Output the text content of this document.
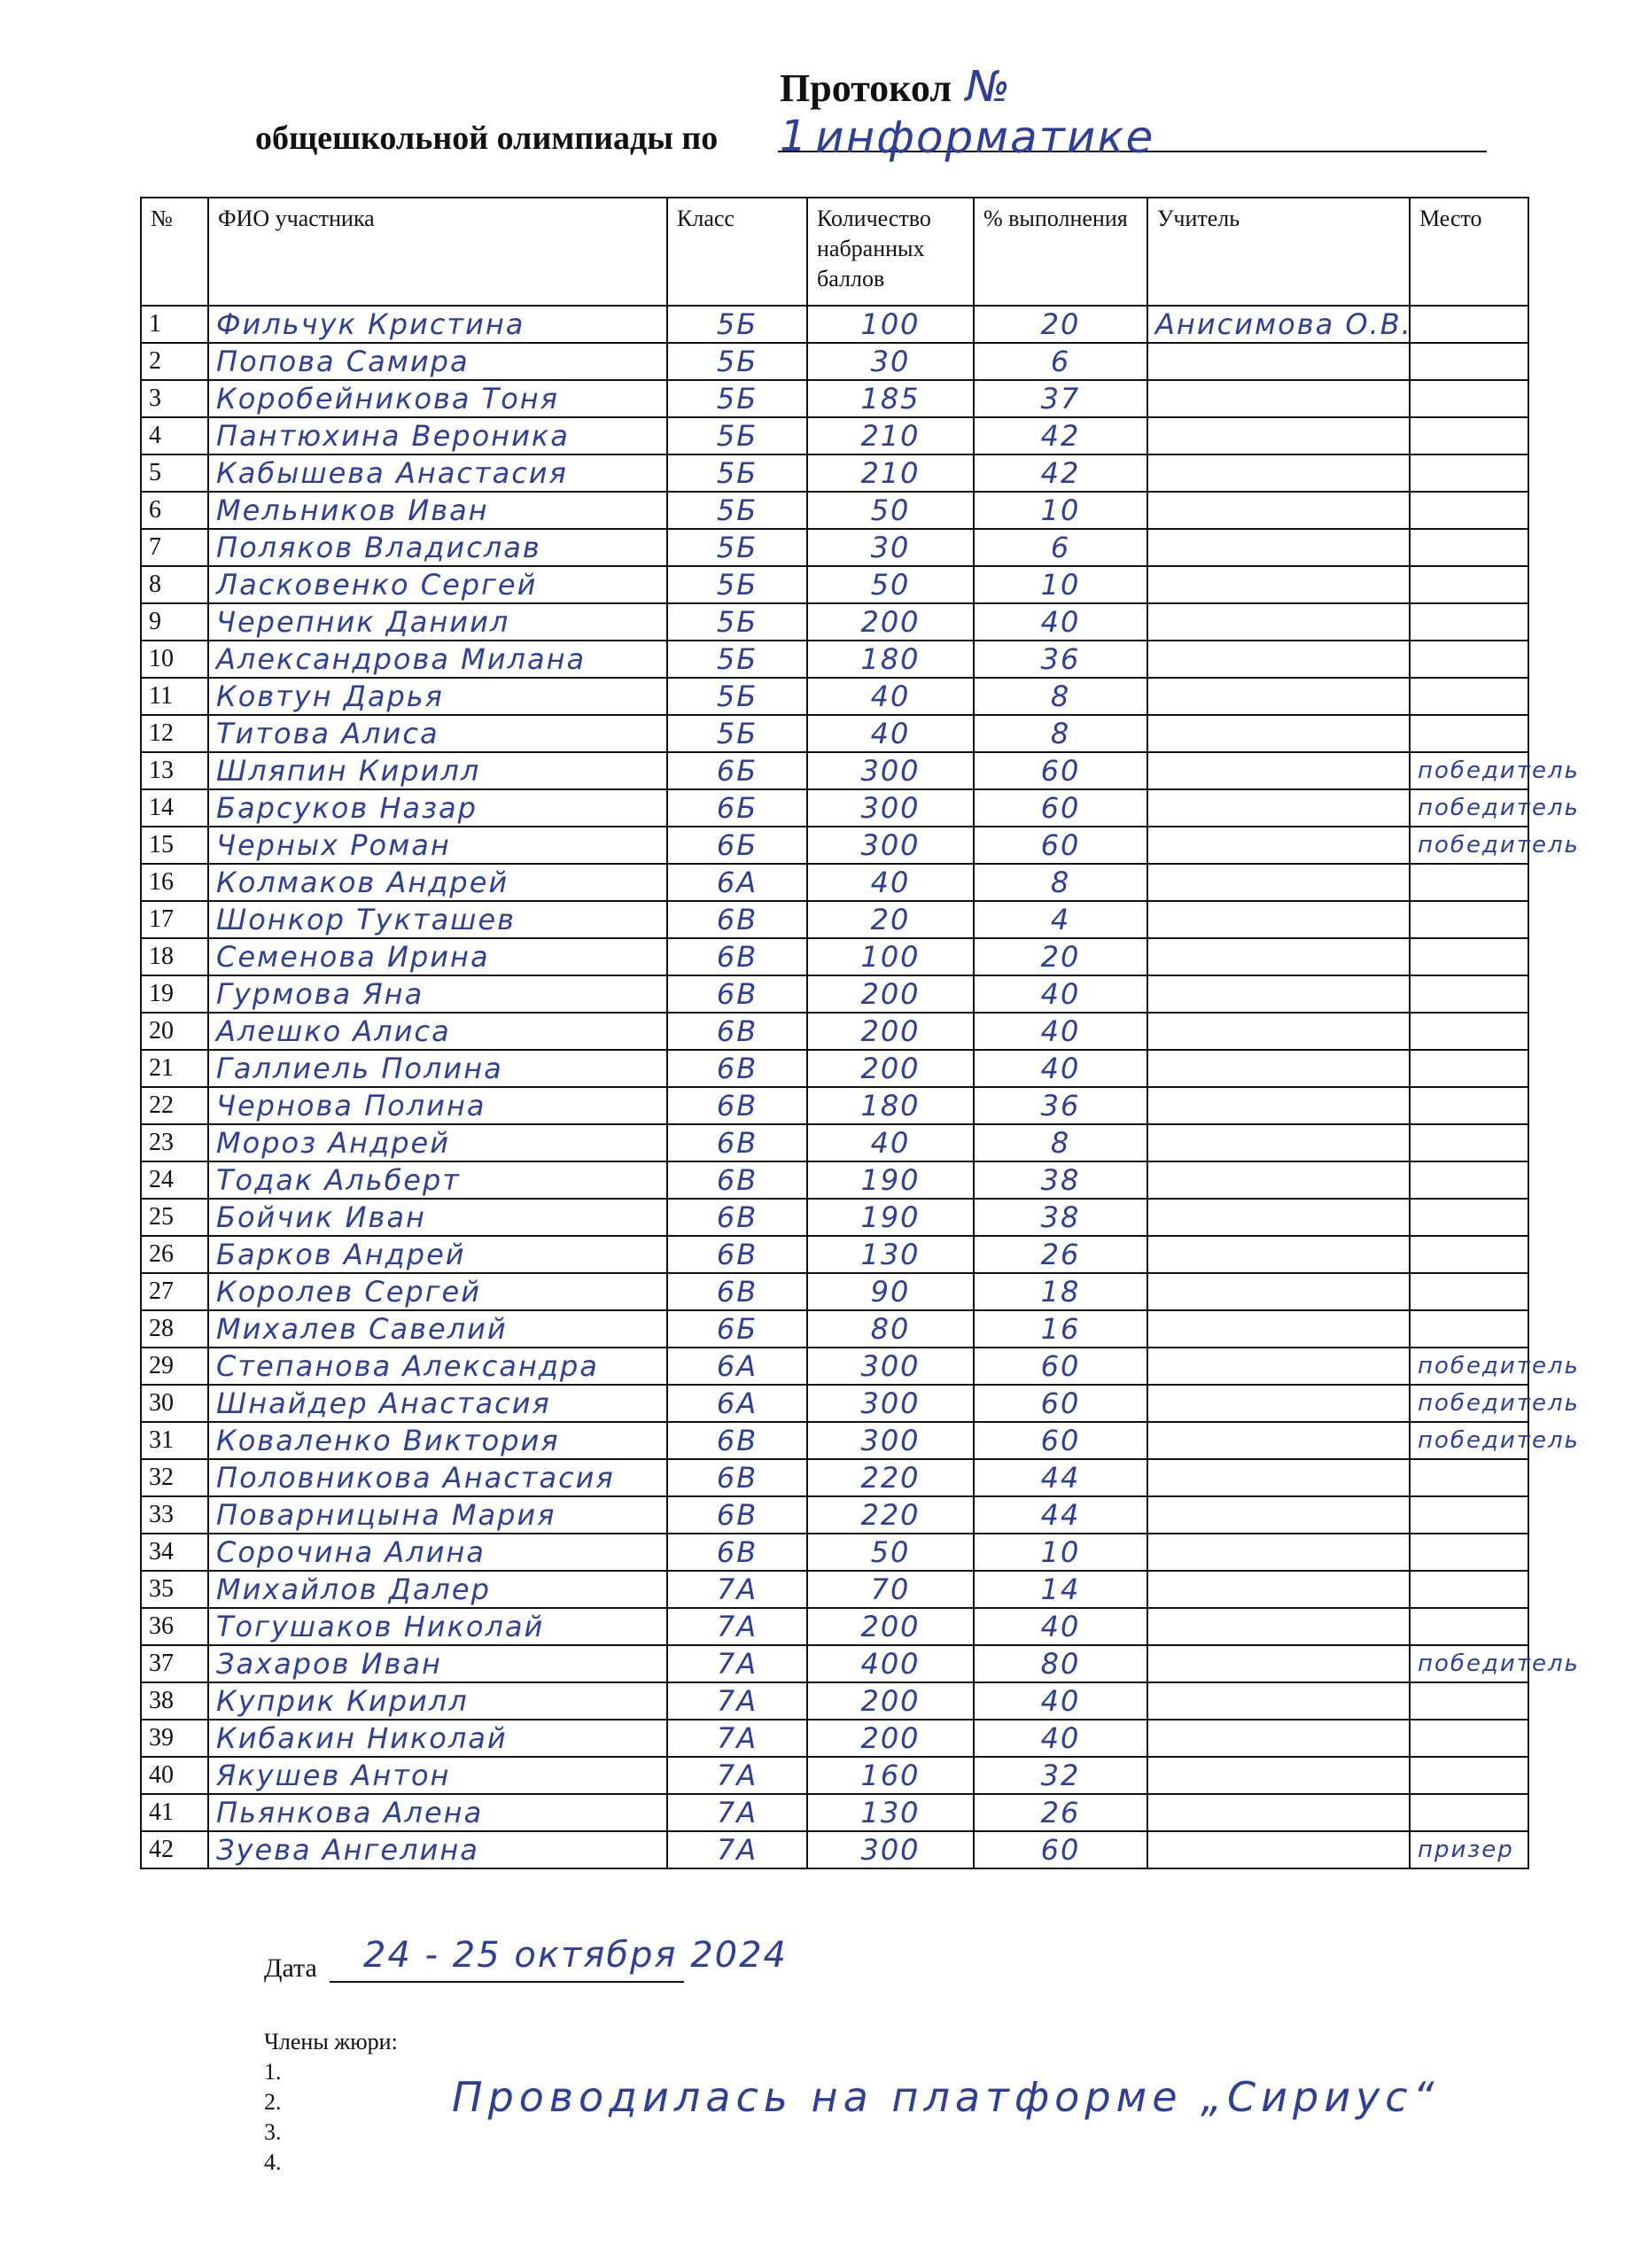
Протокол № 1
общешкольной олимпиады по информатике
№	ФИО участника	Класс	Количество набранных баллов	% выполнения	Учитель	Место
1	Фильчук Кристина	5Б	100	20	Анисимова О.В.	
2	Попова Самира	5Б	30	6		
3	Коробейникова Тоня	5Б	185	37		
4	Пантюхина Вероника	5Б	210	42		
5	Кабышева Анастасия	5Б	210	42		
6	Мельников Иван	5Б	50	10		
7	Поляков Владислав	5Б	30	6		
8	Ласковенко Сергей	5Б	50	10		
9	Черепник Даниил	5Б	200	40		
10	Александрова Милана	5Б	180	36		
11	Ковтун Дарья	5Б	40	8		
12	Титова Алиса	5Б	40	8		
13	Шляпин Кирилл	6Б	300	60		победитель
14	Барсуков Назар	6Б	300	60		победитель
15	Черных Роман	6Б	300	60		победитель
16	Колмаков Андрей	6А	40	8		
17	Шонкор Тукташев	6В	20	4		
18	Семенова Ирина	6В	100	20		
19	Гурмова Яна	6В	200	40		
20	Алешко Алиса	6В	200	40		
21	Галлиель Полина	6В	200	40		
22	Чернова Полина	6В	180	36		
23	Мороз Андрей	6В	40	8		
24	Тодак Альберт	6В	190	38		
25	Бойчик Иван	6В	190	38		
26	Барков Андрей	6В	130	26		
27	Королев Сергей	6В	90	18		
28	Михалев Савелий	6Б	80	16		
29	Степанова Александра	6А	300	60		победитель
30	Шнайдер Анастасия	6А	300	60		победитель
31	Коваленко Виктория	6В	300	60		победитель
32	Половникова Анастасия	6В	220	44		
33	Поварницына Мария	6В	220	44		
34	Сорочина Алина	6В	50	10		
35	Михайлов Далер	7А	70	14		
36	Тогушаков Николай	7А	200	40		
37	Захаров Иван	7А	400	80		победитель
38	Куприк Кирилл	7А	200	40		
39	Кибакин Николай	7А	200	40		
40	Якушев Антон	7А	160	32		
41	Пьянкова Алена	7А	130	26		
42	Зуева Ангелина	7А	300	60		призер
Дата 24 - 25 октября 2024
Члены жюри:
1.
2.
3.
4.
Проводилась на платформе „Сириус“
